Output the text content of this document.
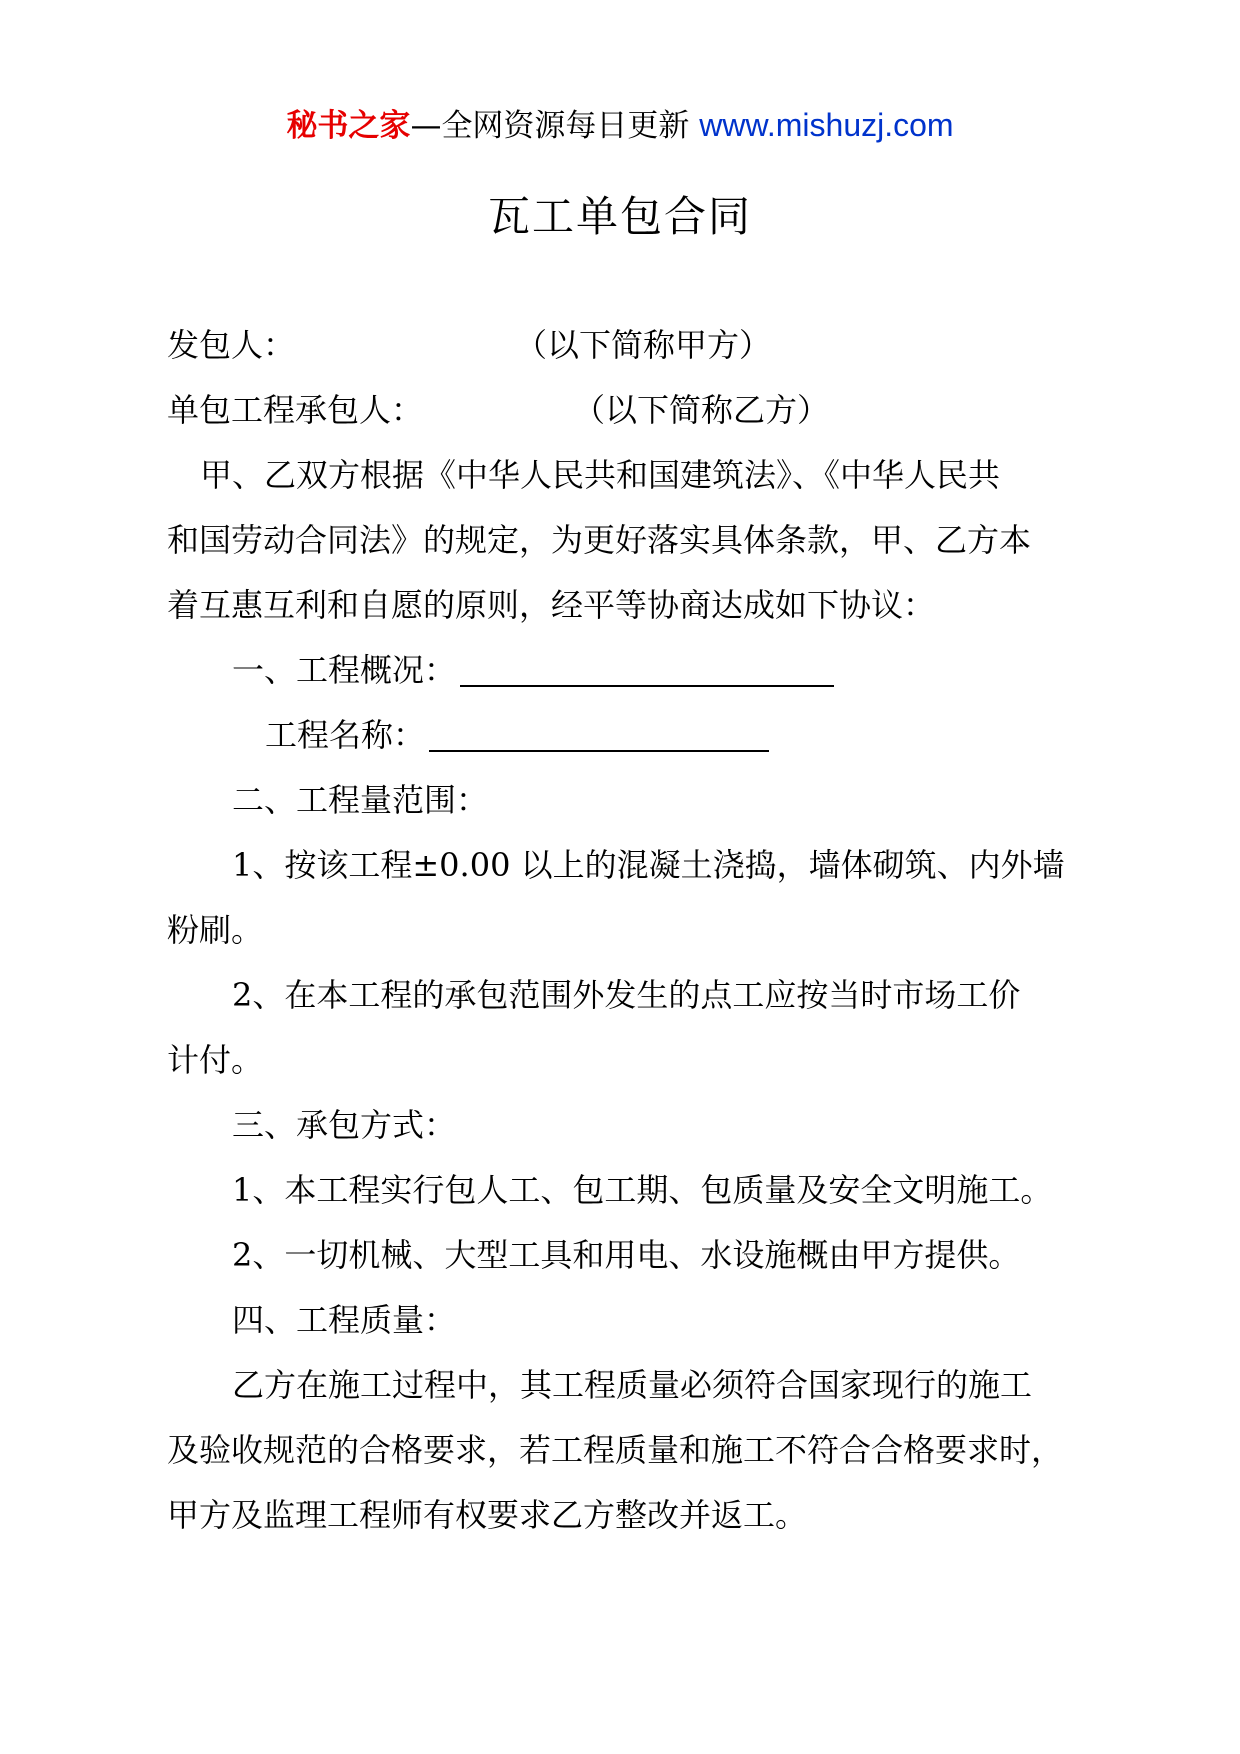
秘书之家—全网资源每日更新 www.mishuzj.com
瓦工单包合同
发包人：	（以下简称甲方）
单包工程承包人：	（以下简称乙方）
甲、乙双方根据《中华人民共和国建筑法》、《中华人民共
和国劳动合同法》的规定，为更好落实具体条款，甲、乙方本
着互惠互利和自愿的原则，经平等协商达成如下协议：
一、工程概况：
工程名称：
二、工程量范围：
1、按该工程±0.00 以上的混凝土浇捣，墙体砌筑、内外墙
粉刷。
2、在本工程的承包范围外发生的点工应按当时市场工价
计付。
三、承包方式：
1、本工程实行包人工、包工期、包质量及安全文明施工。
2、一切机械、大型工具和用电、水设施概由甲方提供。
四、工程质量：
乙方在施工过程中，其工程质量必须符合国家现行的施工
及验收规范的合格要求，若工程质量和施工不符合合格要求时，
甲方及监理工程师有权要求乙方整改并返工。
